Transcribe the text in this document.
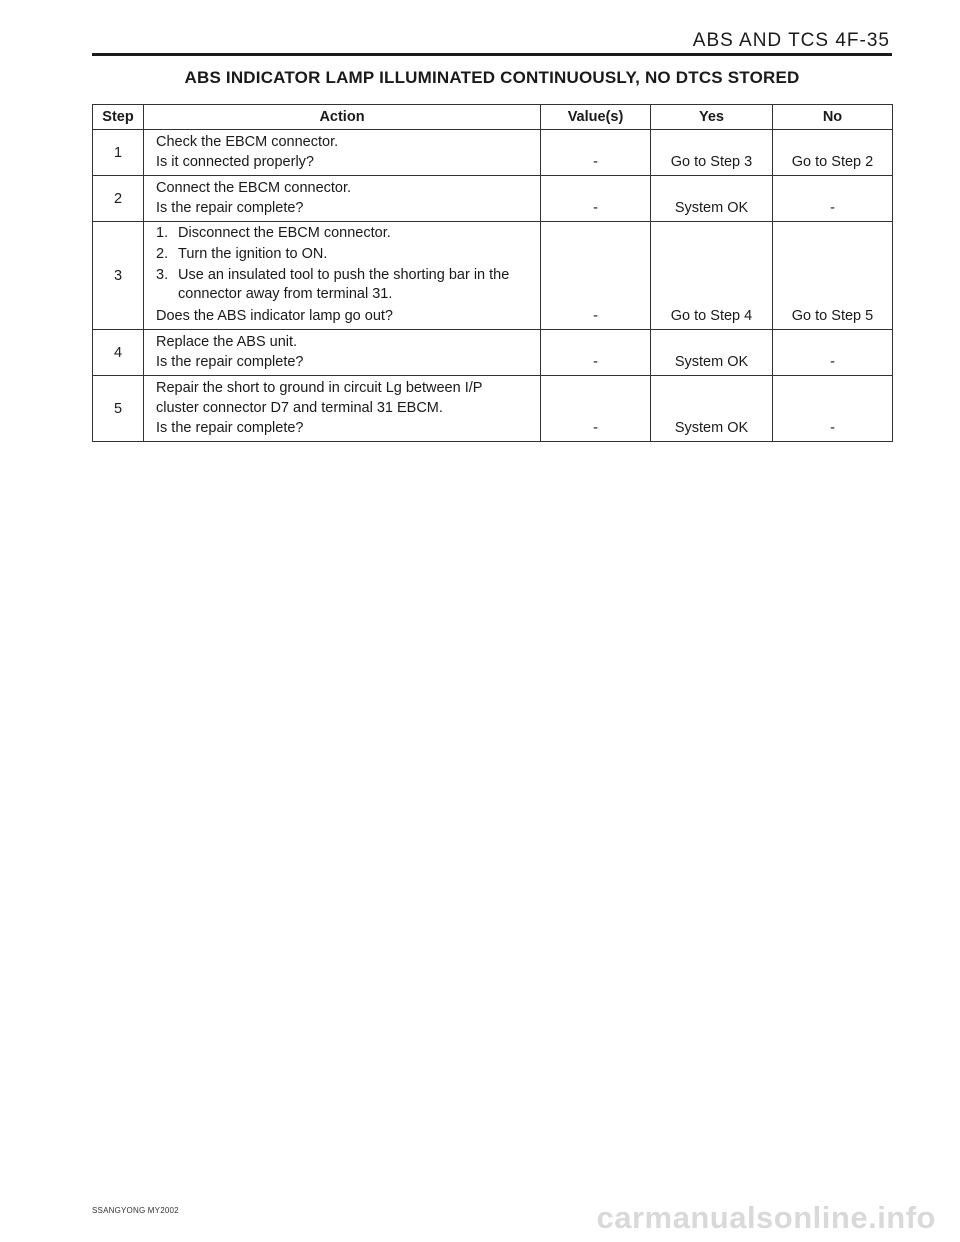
ABS AND TCS 4F-35
ABS INDICATOR LAMP ILLUMINATED CONTINUOUSLY, NO DTCS STORED
Step	Action	Value(s)	Yes	No
1	Check the EBCM connector.
Is it connected properly?	-	Go to Step 3	Go to Step 2
2	Connect the EBCM connector.
Is the repair complete?	-	System OK	-
3	1. Disconnect the EBCM connector.
2. Turn the ignition to ON.
3. Use an insulated tool to push the shorting bar in the connector away from terminal 31.
Does the ABS indicator lamp go out?	-	Go to Step 4	Go to Step 5
4	Replace the ABS unit.
Is the repair complete?	-	System OK	-
5	Repair the short to ground in circuit Lg between I/P
cluster connector D7 and terminal 31 EBCM.
Is the repair complete?	-	System OK	-
SSANGYONG MY2002	carmanualsonline.info
